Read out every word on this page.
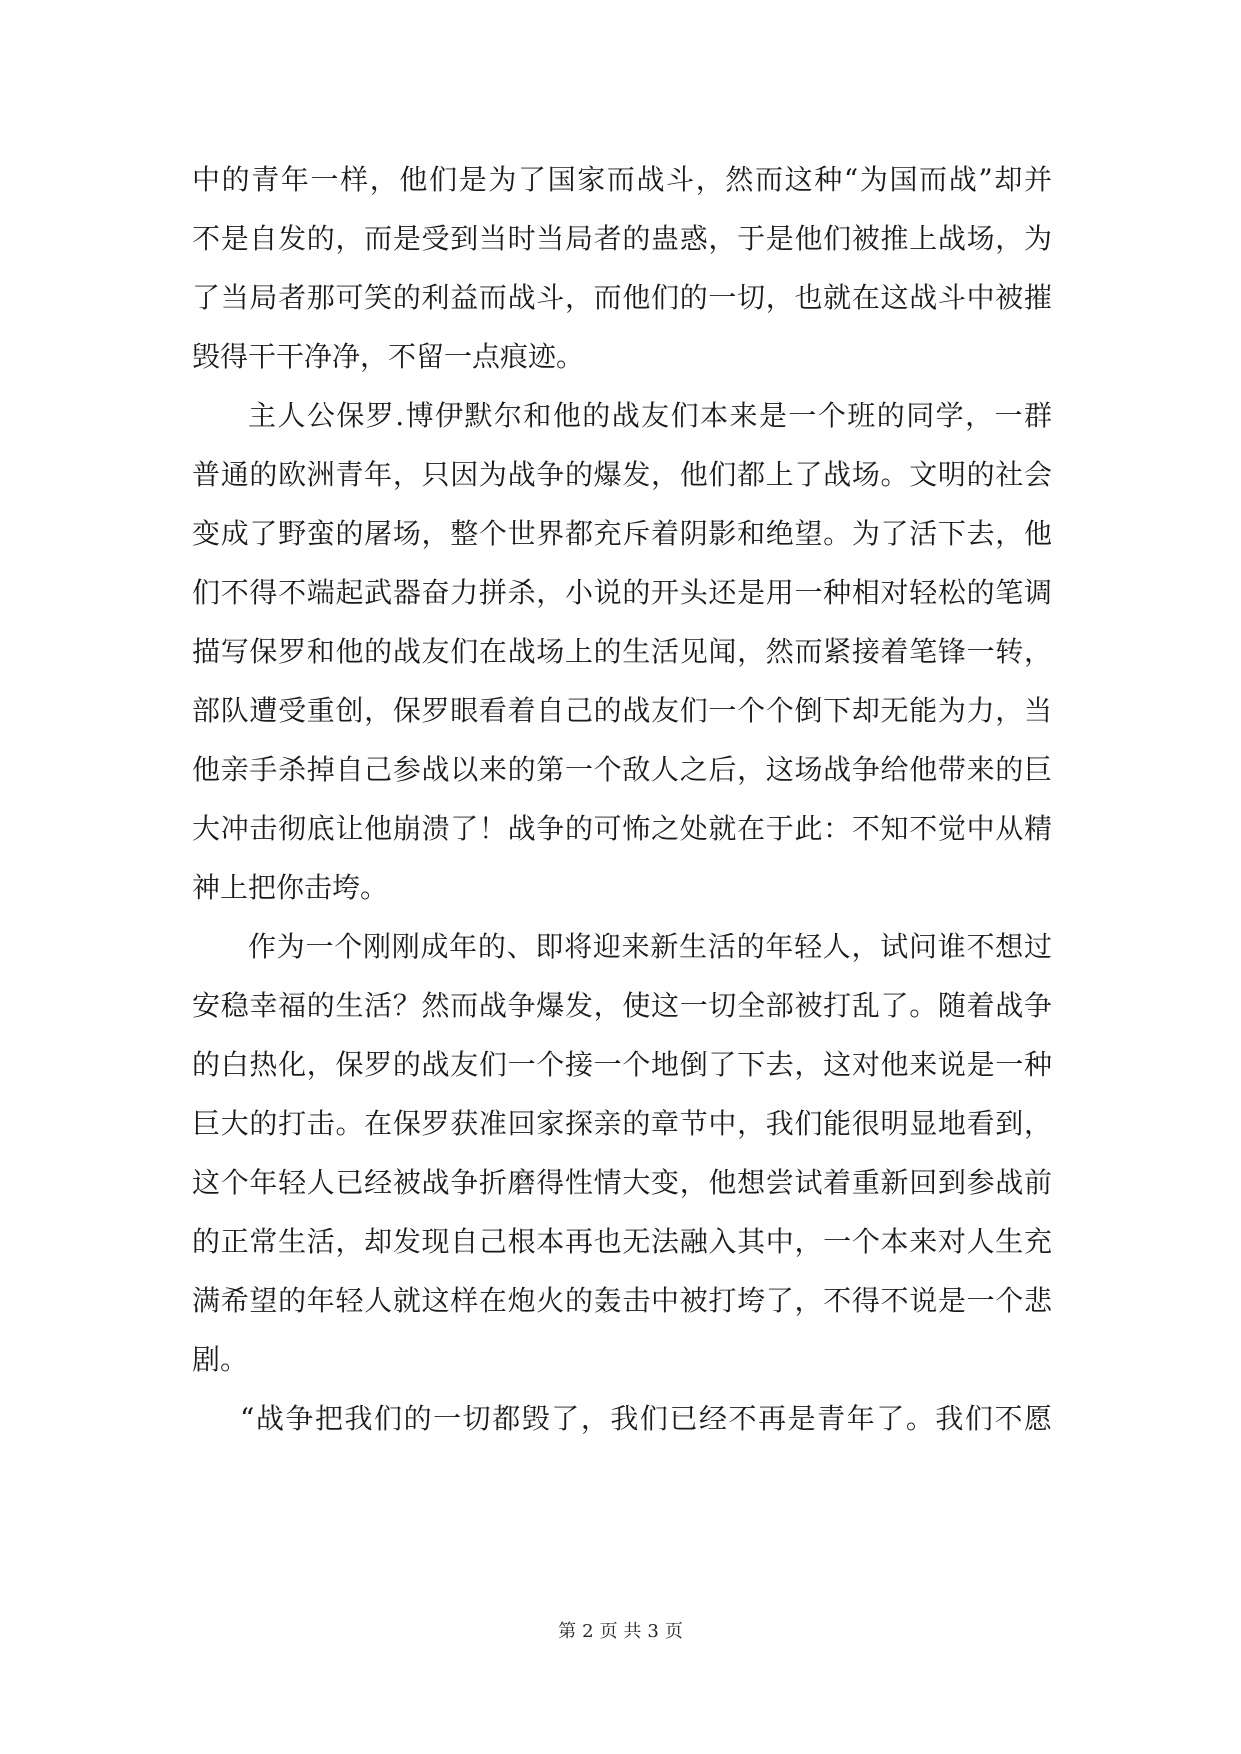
中的青年一样，他们是为了国家而战斗，然而这种“为国而战”却并
不是自发的，而是受到当时当局者的蛊惑，于是他们被推上战场，为
了当局者那可笑的利益而战斗，而他们的一切，也就在这战斗中被摧
毁得干干净净，不留一点痕迹。
主人公保罗.博伊默尔和他的战友们本来是一个班的同学，一群
普通的欧洲青年，只因为战争的爆发，他们都上了战场。文明的社会
变成了野蛮的屠场，整个世界都充斥着阴影和绝望。为了活下去，他
们不得不端起武器奋力拼杀，小说的开头还是用一种相对轻松的笔调
描写保罗和他的战友们在战场上的生活见闻，然而紧接着笔锋一转，
部队遭受重创，保罗眼看着自己的战友们一个个倒下却无能为力，当
他亲手杀掉自己参战以来的第一个敌人之后，这场战争给他带来的巨
大冲击彻底让他崩溃了！战争的可怖之处就在于此：不知不觉中从精
神上把你击垮。
作为一个刚刚成年的、即将迎来新生活的年轻人，试问谁不想过
安稳幸福的生活？然而战争爆发，使这一切全部被打乱了。随着战争
的白热化，保罗的战友们一个接一个地倒了下去，这对他来说是一种
巨大的打击。在保罗获准回家探亲的章节中，我们能很明显地看到，
这个年轻人已经被战争折磨得性情大变，他想尝试着重新回到参战前
的正常生活，却发现自己根本再也无法融入其中，一个本来对人生充
满希望的年轻人就这样在炮火的轰击中被打垮了，不得不说是一个悲
剧。
“战争把我们的一切都毁了，我们已经不再是青年了。我们不愿
第 2 页 共 3 页
